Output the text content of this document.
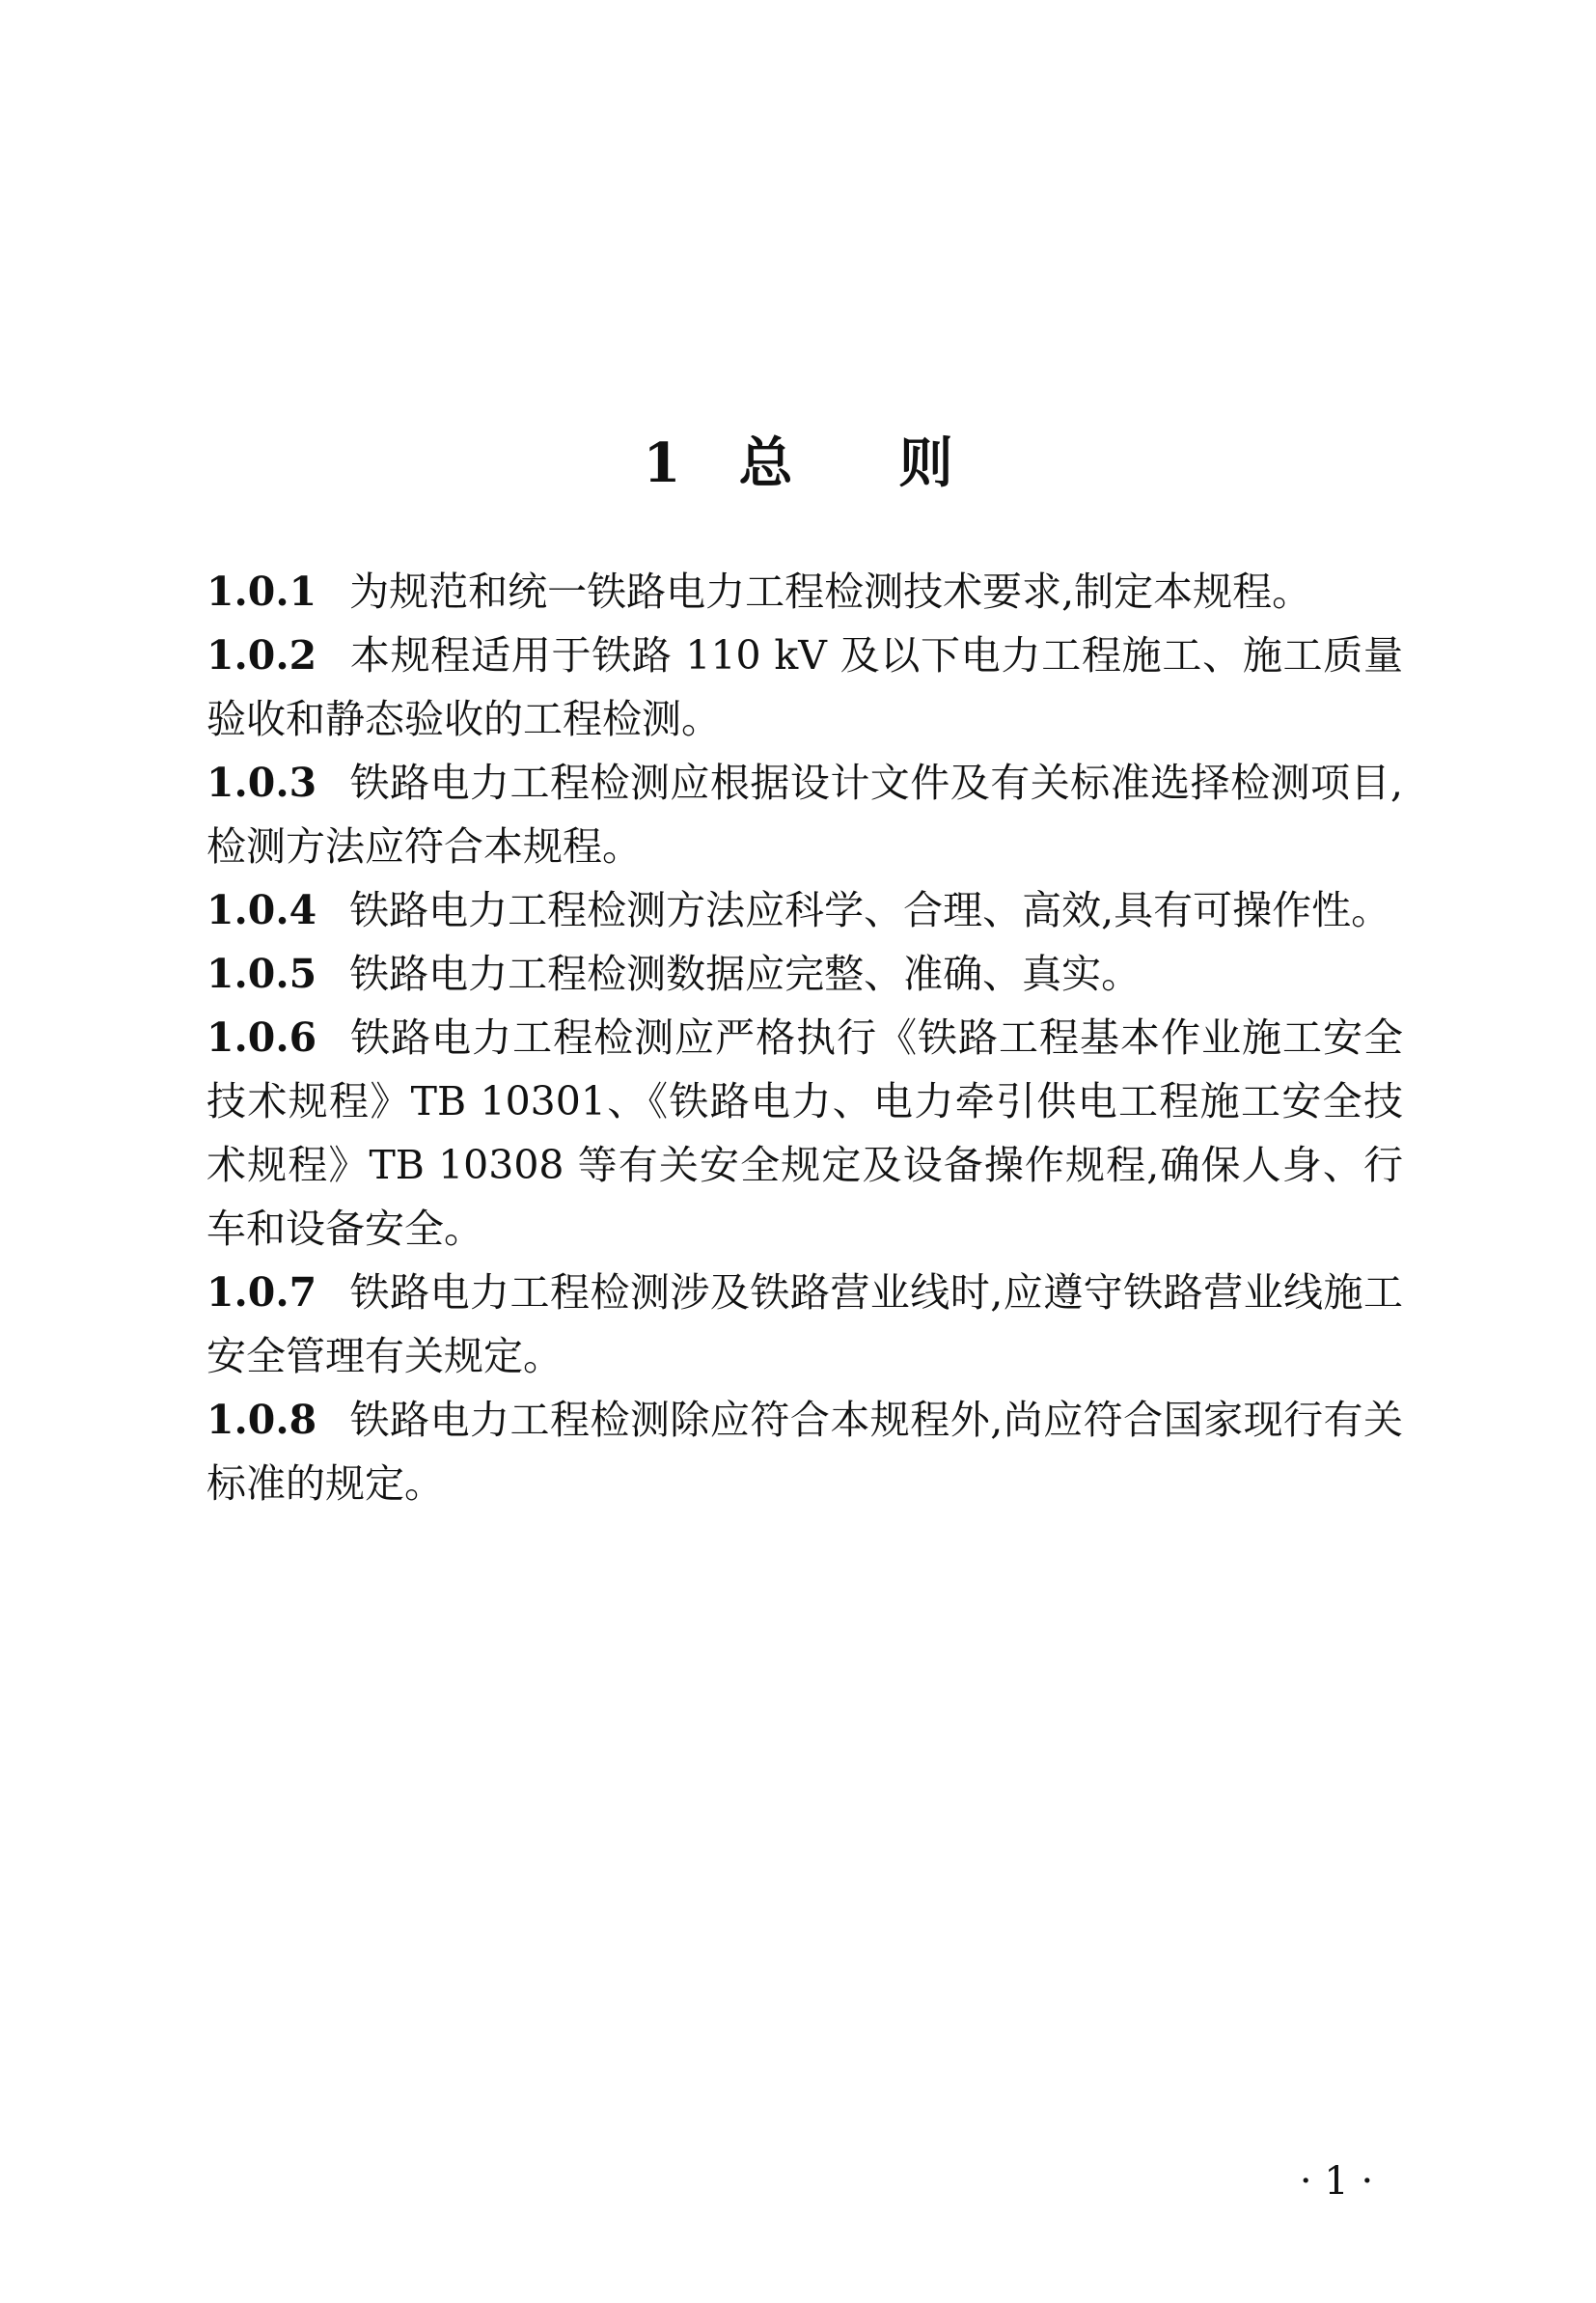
1 总 则

1.0.1 为规范和统一铁路电力工程检测技术要求,制定本规程。

1.0.2 本规程适用于铁路 110 kV 及以下电力工程施工、施工质量验收和静态验收的工程检测。

1.0.3 铁路电力工程检测应根据设计文件及有关标准选择检测项目,检测方法应符合本规程。

1.0.4 铁路电力工程检测方法应科学、合理、高效,具有可操作性。

1.0.5 铁路电力工程检测数据应完整、准确、真实。

1.0.6 铁路电力工程检测应严格执行《铁路工程基本作业施工安全技术规程》TB 10301、《铁路电力、电力牵引供电工程施工安全技术规程》TB 10308 等有关安全规定及设备操作规程,确保人身、行车和设备安全。

1.0.7 铁路电力工程检测涉及铁路营业线时,应遵守铁路营业线施工安全管理有关规定。

1.0.8 铁路电力工程检测除应符合本规程外,尚应符合国家现行有关标准的规定。

· 1 ·
